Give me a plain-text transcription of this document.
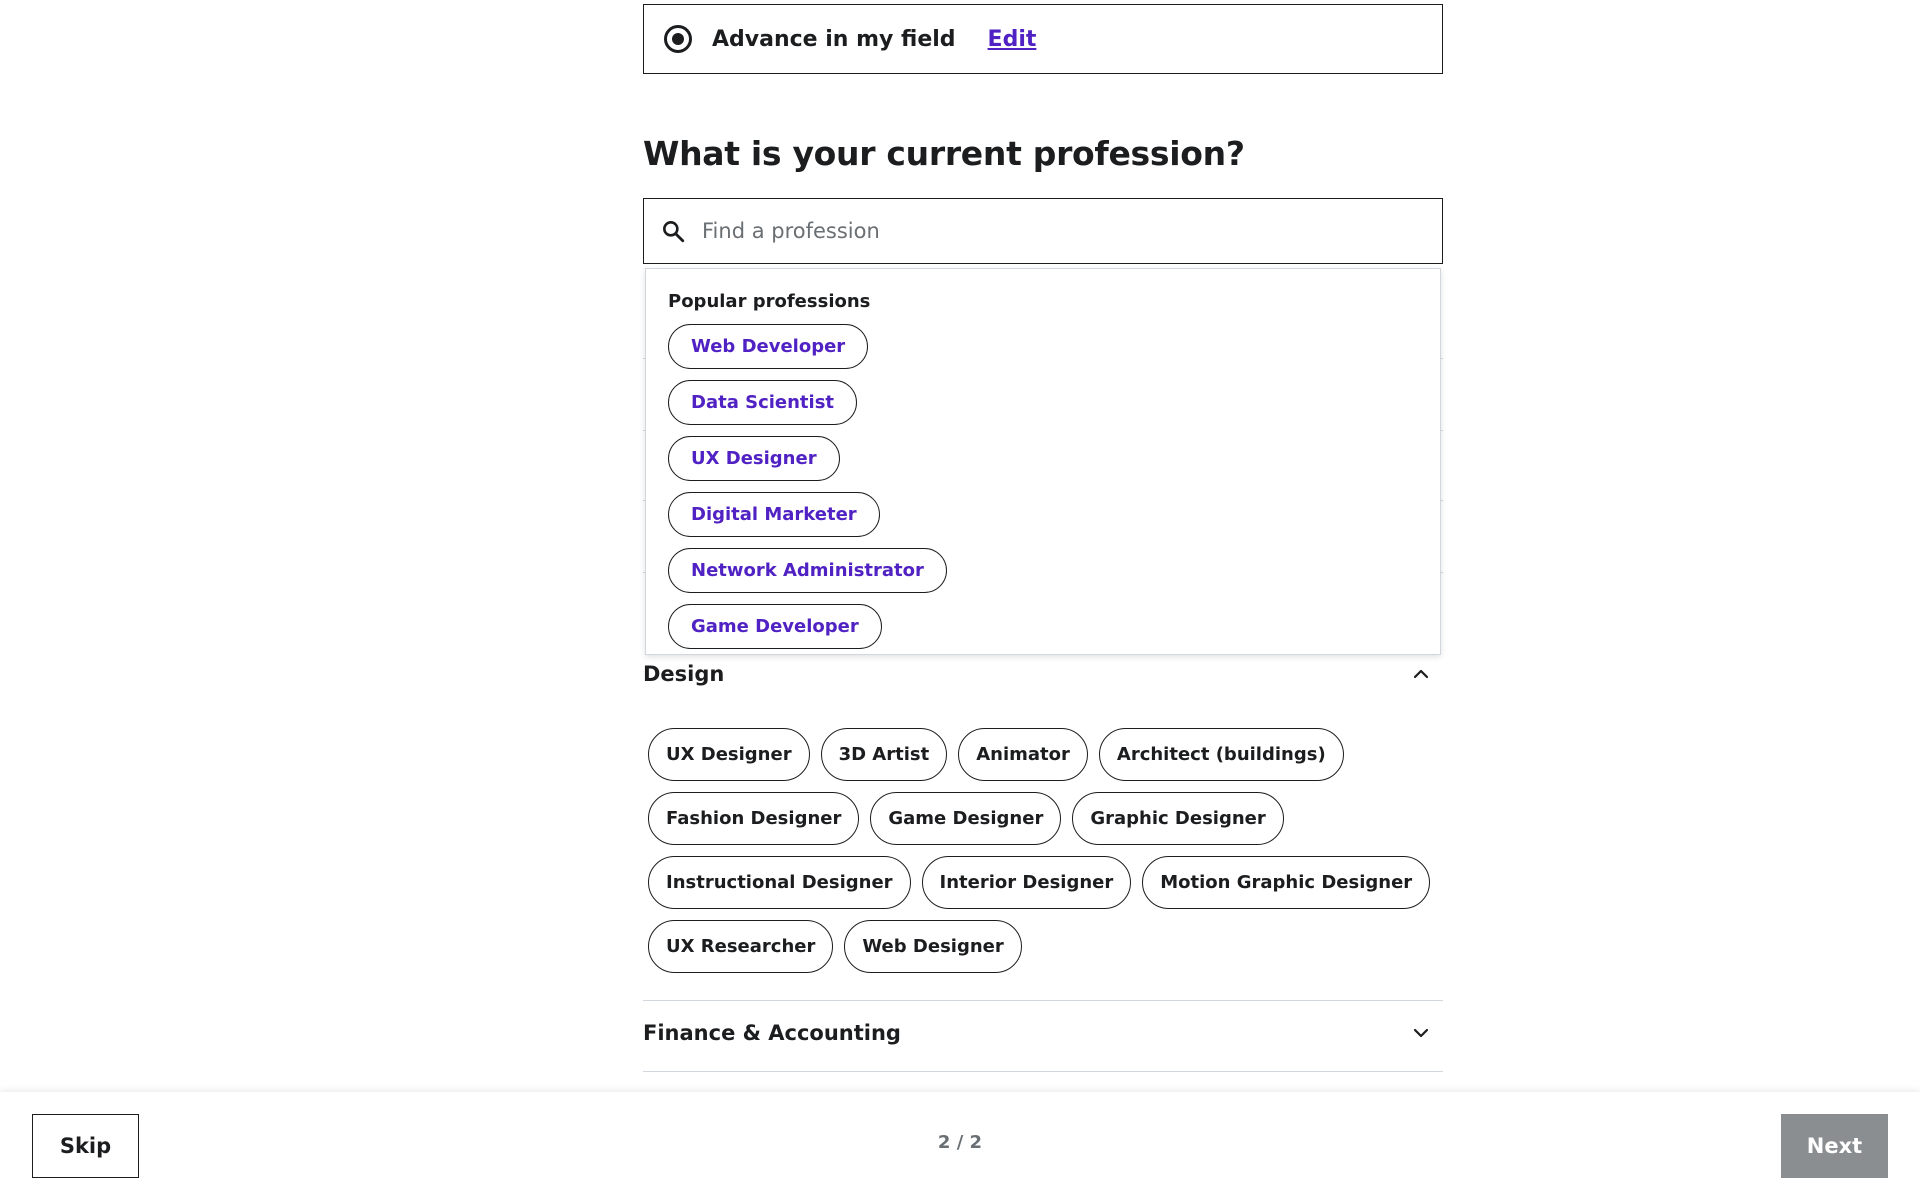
Advance in my field Edit
What is your current profession?
Find a profession
Popular professions
Web Developer
Data Scientist
UX Designer
Digital Marketer
Network Administrator
Game Developer
Design
UX Designer	3D Artist	Animator	Architect (buildings)
Fashion Designer	Game Designer	Graphic Designer
Instructional Designer	Interior Designer	Motion Graphic Designer
UX Researcher	Web Designer
Finance & Accounting
Skip	2 / 2	Next
